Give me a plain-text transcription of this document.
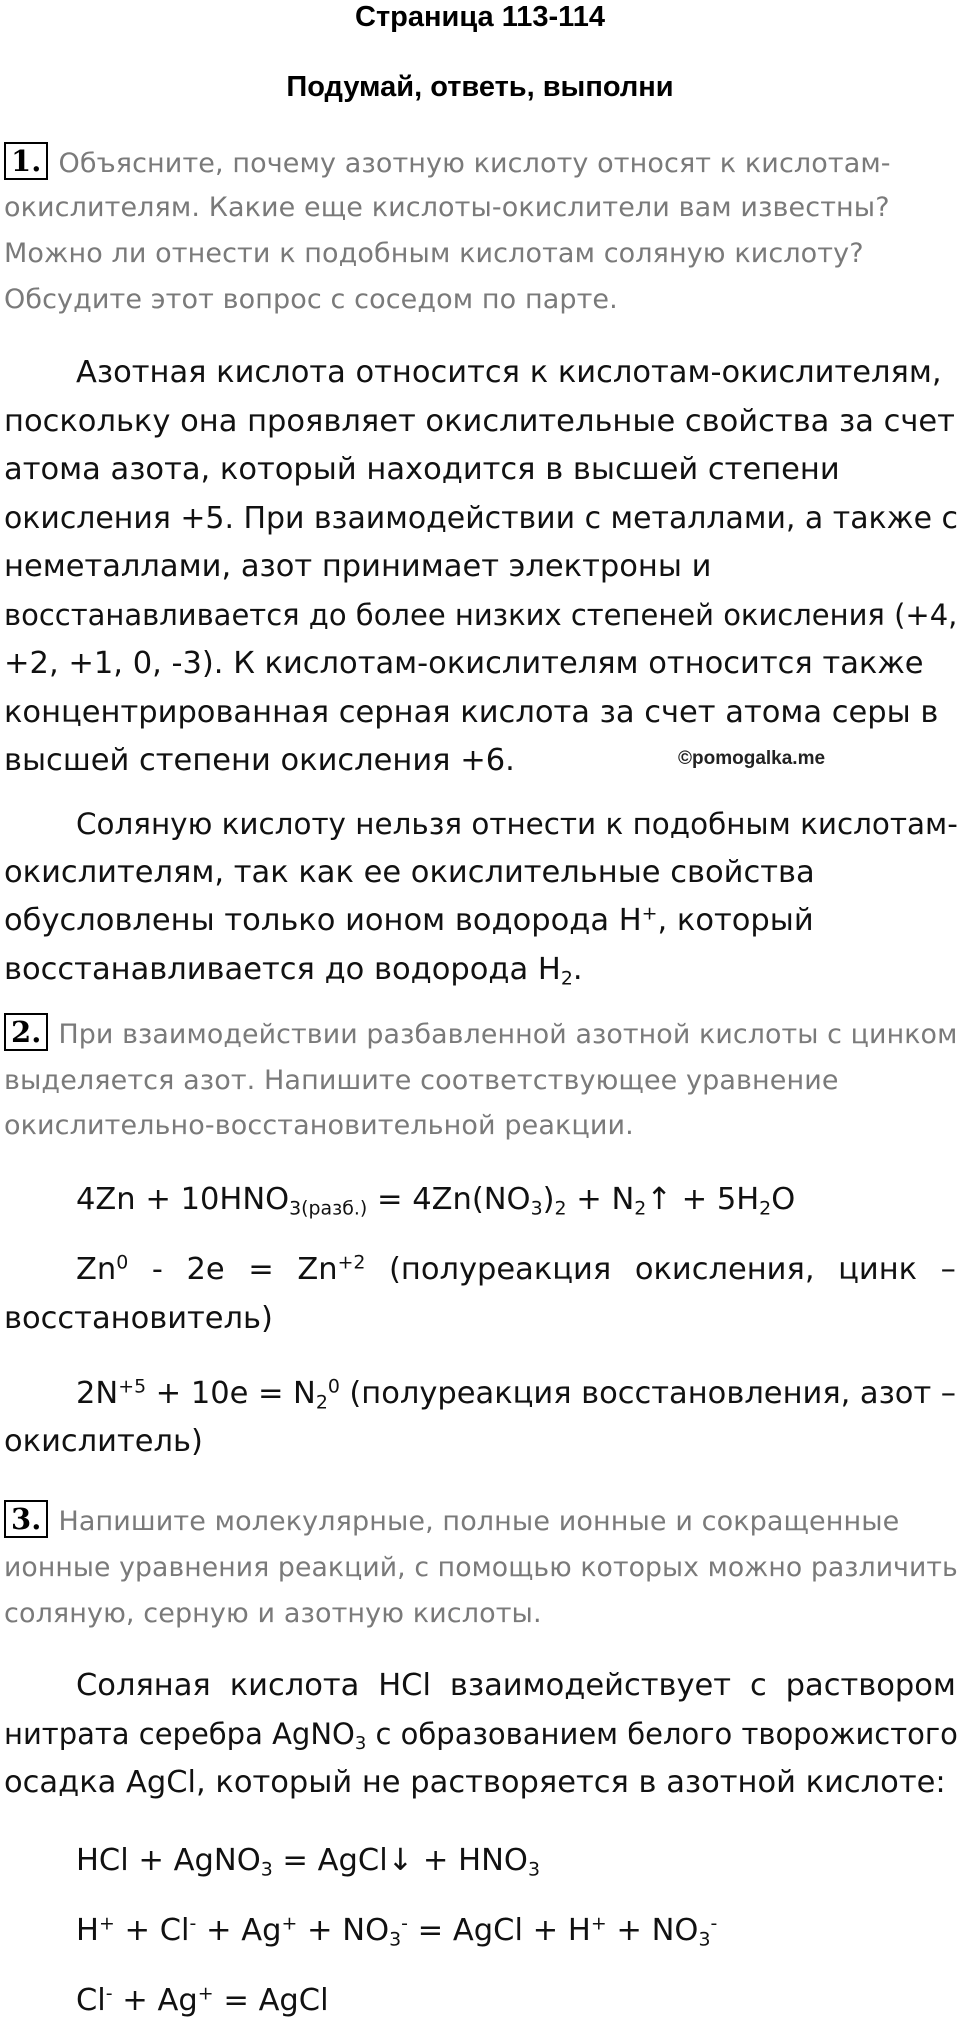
Страница 113-114
Подумай, ответь, выполни
1. Объясните, почему азотную кислоту относят к кислотам-
окислителям. Какие еще кислоты-окислители вам известны?
Можно ли отнести к подобным кислотам соляную кислоту?
Обсудите этот вопрос с соседом по парте.
Азотная кислота относится к кислотам-окислителям,
поскольку она проявляет окислительные свойства за счет
атома азота, который находится в высшей степени
окисления +5. При взаимодействии с металлами, а также с
неметаллами, азот принимает электроны и
восстанавливается до более низких степеней окисления (+4,
+2, +1, 0, -3). К кислотам-окислителям относится также
концентрированная серная кислота за счет атома серы в
высшей степени окисления +6.	©pomogalka.me
Соляную кислоту нельзя отнести к подобным кислотам-
окислителям, так как ее окислительные свойства
обусловлены только ионом водорода H+, который
восстанавливается до водорода $H_2$.
2. При взаимодействии разбавленной азотной кислоты с цинком
выделяется азот. Напишите соответствующее уравнение
окислительно-восстановительной реакции.
$4Zn + 10HNO_{3(разб.)} = 4Zn(NO_3)_2$ + $N_2↑ + 5H_2O$
$Zn^0 - 2e = Zn^{+2}$ (полуреакция окисления, цинк –
восстановитель)
$2N^{+5} + 10e = N_2^0$ (полуреакция восстановления, азот –
окислитель)
3. Напишите молекулярные, полные ионные и сокращенные
ионные уравнения реакций, с помощью которых можно различить
соляную, серную и азотную кислоты.
Соляная кислота HCl взаимодействует с раствором
нитрата серебра AgNO$_3$ с образованием белого творожистого
осадка AgCl, который не растворяется в азотной кислоте:
HCl + AgNO$_3$ = AgCl↓ + $HNO_3$
$H^+ + Cl^- + Ag^+ + NO_3^-$ = AgCl + $H^+ + NO_3^-$
Cl- + Ag+ = AgCl
